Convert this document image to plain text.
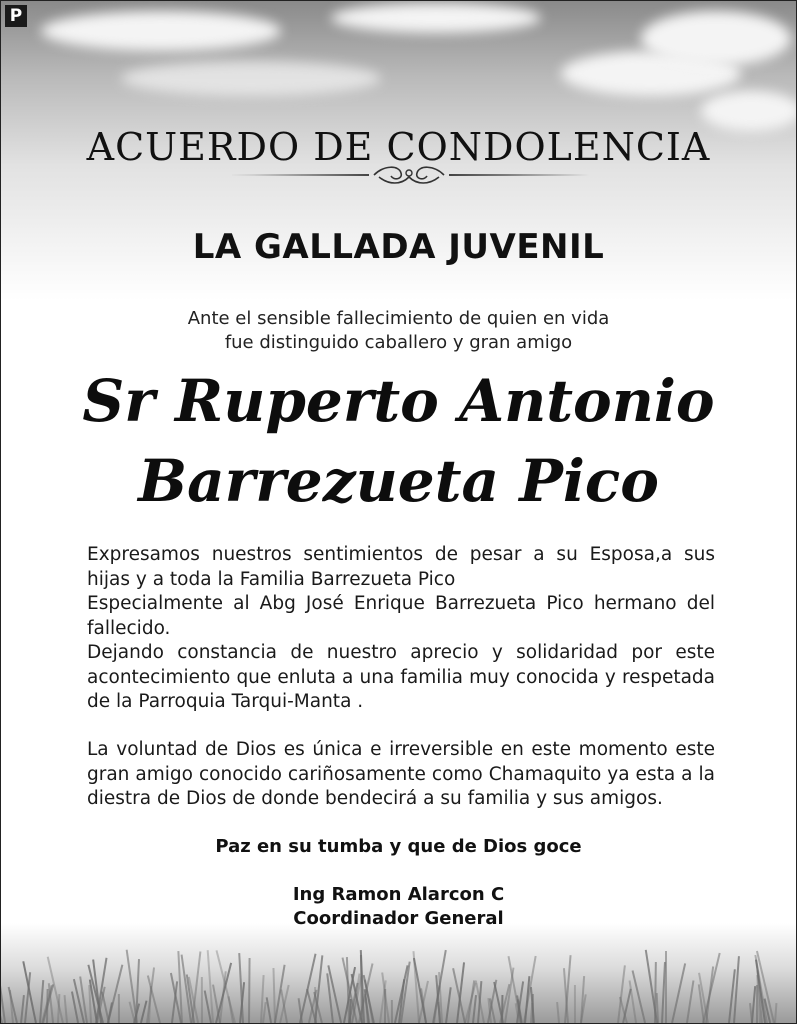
P
ACUERDO DE CONDOLENCIA
LA GALLADA JUVENIL
Ante el sensible fallecimiento de quien en vida
fue distinguido caballero y gran amigo
Sr Ruperto Antonio
Barrezueta Pico
Expresamos nuestros sentimientos de pesar a su Esposa,a sus hijas y a toda la Familia Barrezueta Pico
Especialmente al Abg José Enrique Barrezueta Pico hermano del fallecido.
Dejando constancia de nuestro aprecio y solidaridad por este acontecimiento que enluta a una familia muy conocida y respetada de la Parroquia Tarqui-Manta .
La voluntad de Dios es única e irreversible en este momento este gran amigo conocido cariñosamente como Chamaquito ya esta a la diestra de Dios de donde bendecirá a su familia y sus amigos.
Paz en su tumba y que de Dios goce
Ing Ramon Alarcon C
Coordinador General
